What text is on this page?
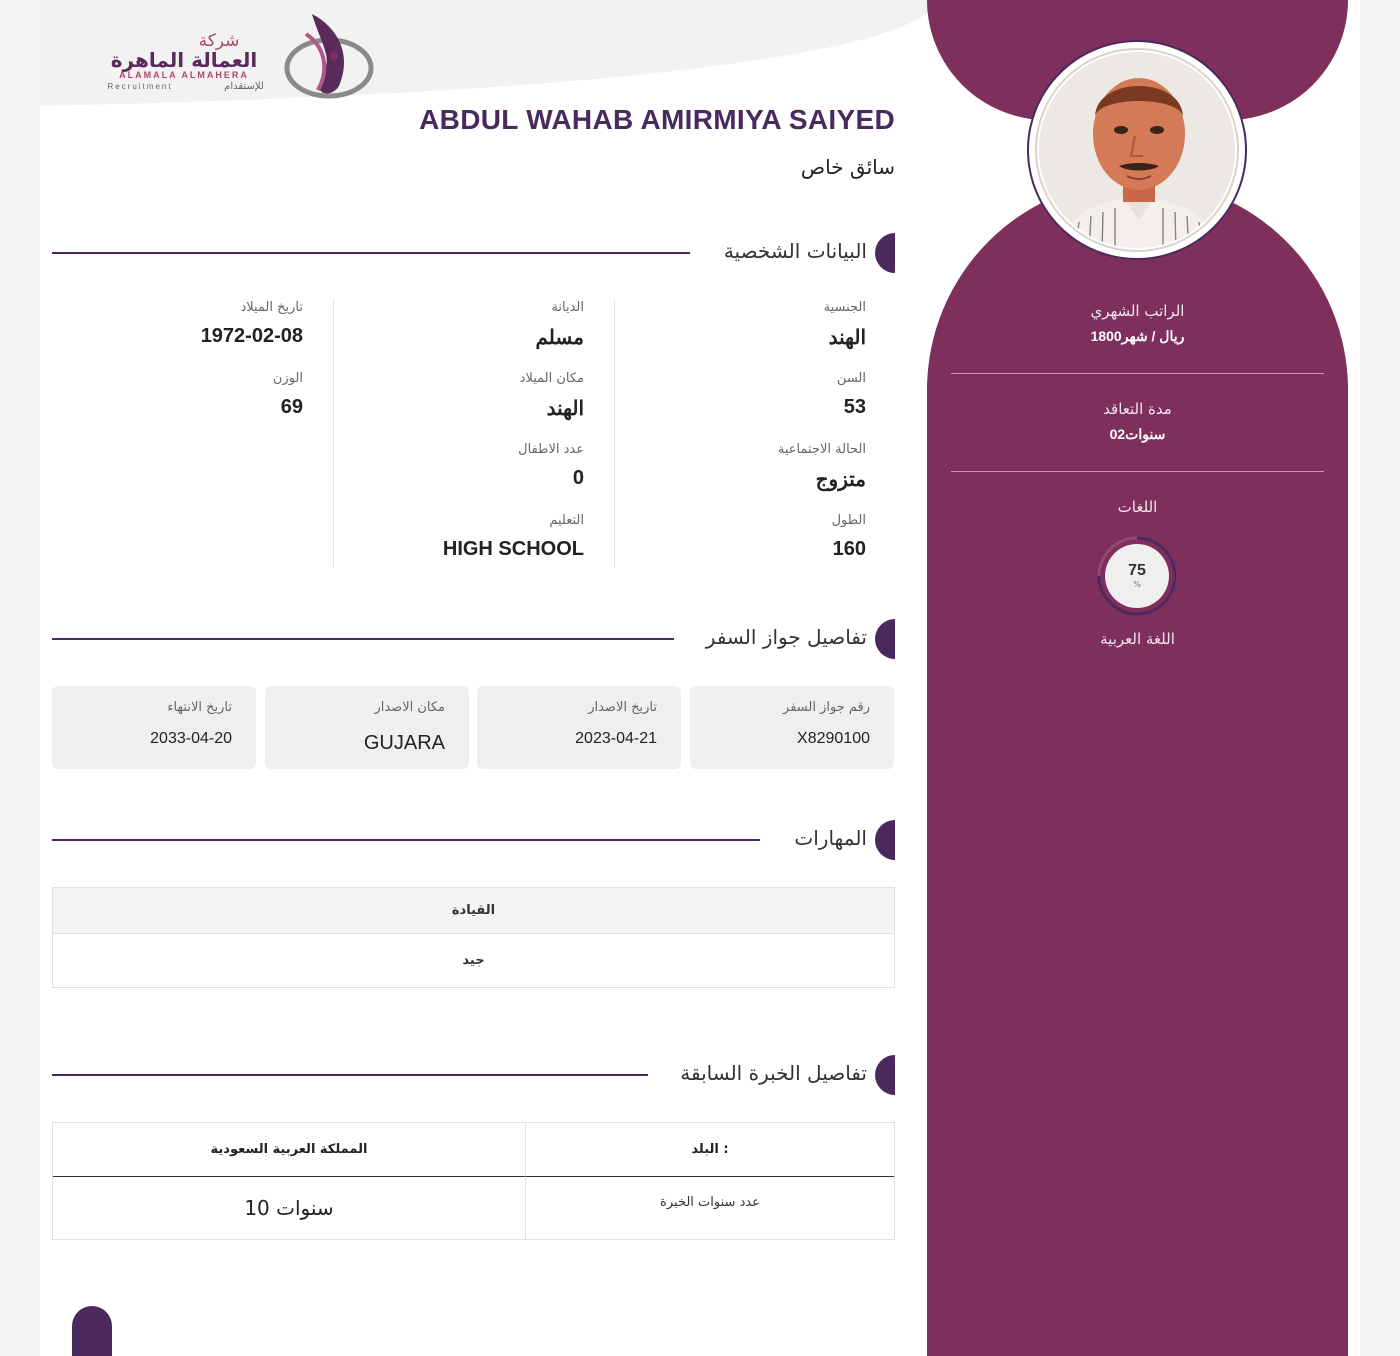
شركة
العمالة الماهرة
ALAMALA ALMAHERA
Recruitment	للإستقدام
ABDUL WAHAB AMIRMIYA SAIYED
سائق خاص
البيانات الشخصية
الجنسية
الهند
السن
53
الحالة الاجتماعية
متزوج
الطول
160
الديانة
مسلم
مكان الميلاد
الهند
عدد الاطفال
0
التعليم
HIGH SCHOOL
تاريخ الميلاد
1972-02-08
الوزن
69
تفاصيل جواز السفر
رقم جواز السفر
X8290100
تاريخ الاصدار
2023-04-21
مكان الاصدار
GUJARA
تاريخ الانتهاء
2033-04-20
المهارات
القيادة
جيد
تفاصيل الخبرة السابقة
البلد :
المملكة العربية السعودية
عدد سنوات الخبرة
10 سنوات
الراتب الشهري
1800ريال / شهر
مدة التعاقد
02سنوات
اللغات
75
%
اللغة العربية
